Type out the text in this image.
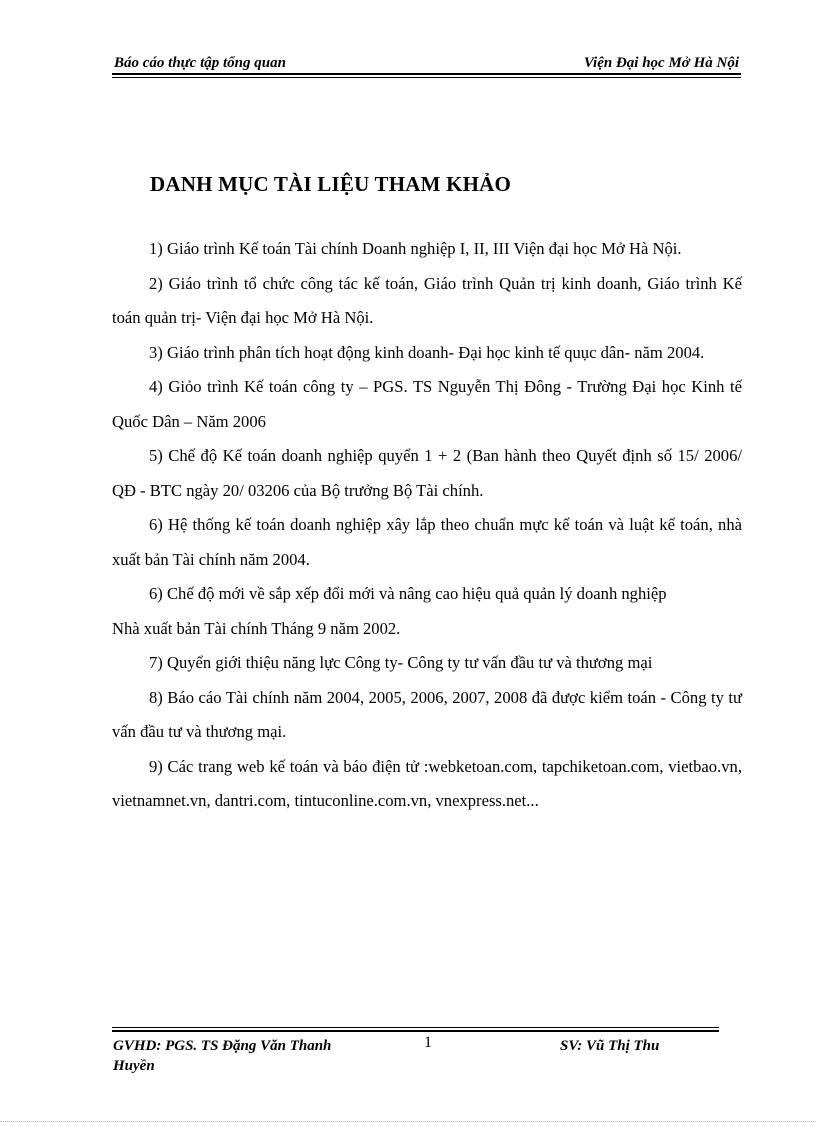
Báo cáo thực tập tổng quan	Viện Đại học Mở Hà Nội
DANH MỤC TÀI LIỆU THAM KHẢO

1) Giáo trình Kế toán Tài chính Doanh nghiệp I, II, III Viện đại học Mở Hà Nội.

2) Giáo trình tổ chức công tác kế toán, Giáo trình Quản trị kinh doanh, Giáo trình Kế toán quản trị- Viện đại học Mở Hà Nội.

3) Giáo trình phân tích hoạt động kinh doanh- Đại học kinh tế quục dân- năm 2004.

4) Giỏo trình Kế toán công ty – PGS. TS Nguyễn Thị Đông - Trường Đại học Kinh tế Quốc Dân – Năm 2006

5) Chế độ Kế toán doanh nghiệp quyển 1 + 2 (Ban hành theo Quyết định số 15/ 2006/ QĐ - BTC ngày 20/ 03206 của Bộ trưởng Bộ Tài chính.

6) Hệ thống kế toán doanh nghiệp xây lắp theo chuẩn mực kế toán và luật kế toán, nhà xuất bản Tài chính năm 2004.

6) Chế độ mới về sắp xếp đổi mới và nâng cao hiệu quả quản lý doanh nghiệp

Nhà xuất bản Tài chính Tháng 9 năm 2002.

7) Quyển giới thiệu năng lực Công ty- Công ty tư vấn đầu tư và thương mại

8) Báo cáo Tài chính năm 2004, 2005, 2006, 2007, 2008 đã được kiểm toán - Công ty tư vấn đầu tư và thương mại.

9) Các trang web kế toán và báo điện tử :webketoan.com, tapchiketoan.com, vietbao.vn, vietnamnet.vn, dantri.com, tintuconline.com.vn, vnexpress.net...

GVHD: PGS. TS Đặng Văn Thanh Huyền
1	SV: Vũ Thị Thu
